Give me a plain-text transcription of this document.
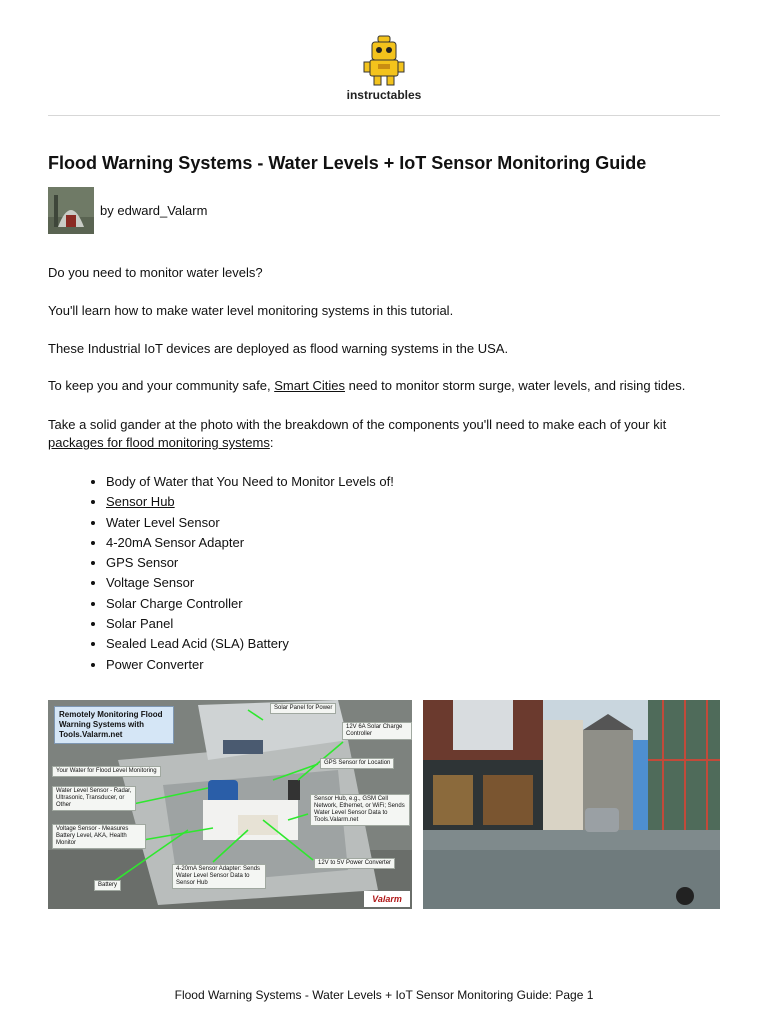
instructables
Flood Warning Systems - Water Levels + IoT Sensor Monitoring Guide
by edward_Valarm

Do you need to monitor water levels?

You'll learn how to make water level monitoring systems in this tutorial.

These Industrial IoT devices are deployed as flood warning systems in the USA.

To keep you and your community safe, Smart Cities need to monitor storm surge, water levels, and rising tides.

Take a solid gander at the photo with the breakdown of the components you'll need to make each of your kit packages for flood monitoring systems:

• Body of Water that You Need to Monitor Levels of!
• Sensor Hub
• Water Level Sensor
• 4-20mA Sensor Adapter
• GPS Sensor
• Voltage Sensor
• Solar Charge Controller
• Solar Panel
• Sealed Lead Acid (SLA) Battery
• Power Converter
Remotely Monitoring Flood Warning Systems with Tools.Valarm.net
Solar Panel for Power
12V 6A Solar Charge Controller
Your Water for Flood Level Monitoring
GPS Sensor for Location
Water Level Sensor - Radar, Ultrasonic, Transducer, or Other
Sensor Hub, e.g., GSM Cell Network, Ethernet, or WiFi; Sends Water Level Sensor Data to Tools.Valarm.net
Voltage Sensor - Measures Battery Level, AKA, Health Monitor
12V to 5V Power Converter
4-20mA Sensor Adapter: Sends Water Level Sensor Data to Sensor Hub
Battery
Valarm
Flood Warning Systems - Water Levels + IoT Sensor Monitoring Guide: Page 1
